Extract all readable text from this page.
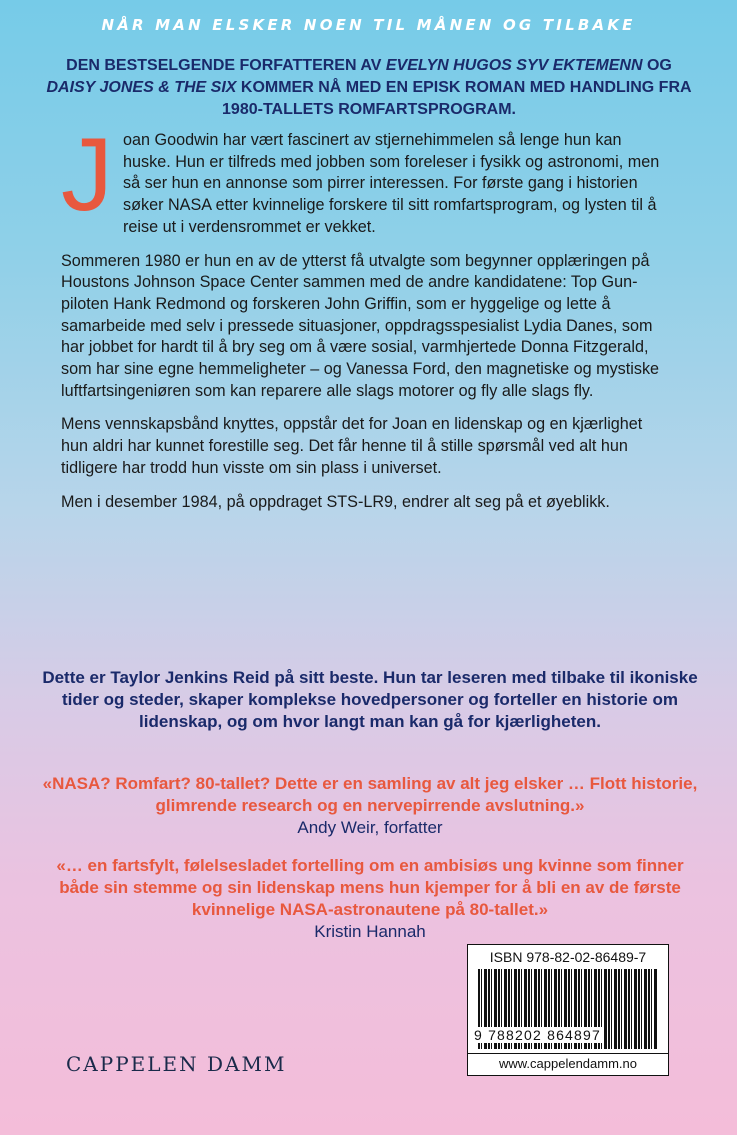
NÅR MAN ELSKER NOEN TIL MÅNEN OG TILBAKE
DEN BESTSELGENDE FORFATTEREN AV EVELYN HUGOS SYV EKTEMENN OG DAISY JONES & THE SIX KOMMER NÅ MED EN EPISK ROMAN MED HANDLING FRA 1980-TALLETS ROMFARTSPROGRAM.

Joan Goodwin har vært fascinert av stjernehimmelen så lenge hun kan huske. Hun er tilfreds med jobben som foreleser i fysikk og astronomi, men så ser hun en annonse som pirrer interessen. For første gang i historien søker NASA etter kvinnelige forskere til sitt romfartsprogram, og lysten til å reise ut i verdensrommet er vekket.

Sommeren 1980 er hun en av de ytterst få utvalgte som begynner opplæringen på Houstons Johnson Space Center sammen med de andre kandidatene: Top Gun-piloten Hank Redmond og forskeren John Griffin, som er hyggelige og lette å samarbeide med selv i pressede situasjoner, oppdragsspesialist Lydia Danes, som har jobbet for hardt til å bry seg om å være sosial, varmhjertede Donna Fitzgerald, som har sine egne hemmeligheter – og Vanessa Ford, den magnetiske og mystiske luftfartsingeniøren som kan reparere alle slags motorer og fly alle slags fly.

Mens vennskapsbånd knyttes, oppstår det for Joan en lidenskap og en kjærlighet hun aldri har kunnet forestille seg. Det får henne til å stille spørsmål ved alt hun tidligere har trodd hun visste om sin plass i universet.

Men i desember 1984, på oppdraget STS-LR9, endrer alt seg på et øyeblikk.

Dette er Taylor Jenkins Reid på sitt beste. Hun tar leseren med tilbake til ikoniske tider og steder, skaper komplekse hovedpersoner og forteller en historie om lidenskap, og om hvor langt man kan gå for kjærligheten.
«NASA? Romfart? 80-tallet? Dette er en samling av alt jeg elsker … Flott historie, glimrende research og en nervepirrende avslutning.»
Andy Weir, forfatter
«… en fartsfylt, følelsesladet fortelling om en ambisiøs ung kvinne som finner både sin stemme og sin lidenskap mens hun kjemper for å bli en av de første kvinnelige NASA-astronautene på 80-tallet.»
Kristin Hannah
CAPPELEN DAMM
ISBN 978-82-02-86489-7
9 788202 864897
www.cappelendamm.no
